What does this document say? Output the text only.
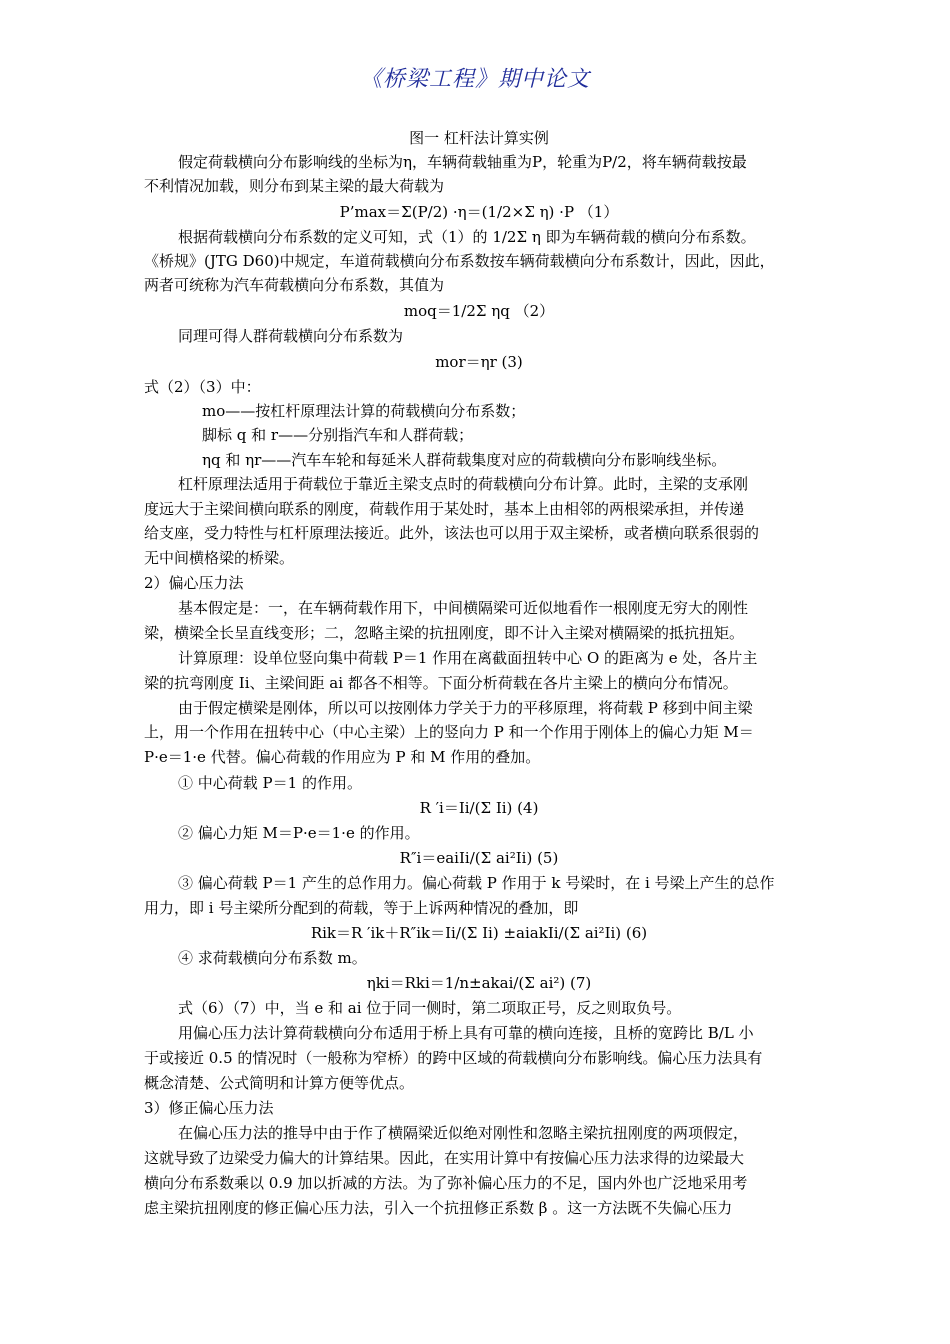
《桥梁工程》期中论文
图一 杠杆法计算实例
假定荷载横向分布影响线的坐标为η，车辆荷载轴重为P，轮重为P/2，将车辆荷载按最
不利情况加载，则分布到某主梁的最大荷载为
P’max＝Σ(P/2) ·η＝(1/2×Σ η) ·P （1）
根据荷载横向分布系数的定义可知，式（1）的 1/2Σ η 即为车辆荷载的横向分布系数。
《桥规》(JTG D60)中规定，车道荷载横向分布系数按车辆荷载横向分布系数计，因此，因此，
两者可统称为汽车荷载横向分布系数，其值为
moq＝1/2Σ ηq （2）
同理可得人群荷载横向分布系数为
mor＝ηr (3)
式（2）（3）中：
mo——按杠杆原理法计算的荷载横向分布系数；
脚标 q 和 r——分别指汽车和人群荷载；
ηq 和 ηr——汽车车轮和每延米人群荷载集度对应的荷载横向分布影响线坐标。
杠杆原理法适用于荷载位于靠近主梁支点时的荷载横向分布计算。此时，主梁的支承刚
度远大于主梁间横向联系的刚度，荷载作用于某处时，基本上由相邻的两根梁承担，并传递
给支座，受力特性与杠杆原理法接近。此外，该法也可以用于双主梁桥，或者横向联系很弱的
无中间横格梁的桥梁。
2）偏心压力法
基本假定是：一，在车辆荷载作用下，中间横隔梁可近似地看作一根刚度无穷大的刚性
梁，横梁全长呈直线变形；二，忽略主梁的抗扭刚度，即不计入主梁对横隔梁的抵抗扭矩。
计算原理：设单位竖向集中荷载 P＝1 作用在离截面扭转中心 O 的距离为 e 处，各片主
梁的抗弯刚度 Ii、主梁间距 ai 都各不相等。下面分析荷载在各片主梁上的横向分布情况。
由于假定横梁是刚体，所以可以按刚体力学关于力的平移原理，将荷载 P 移到中间主梁
上，用一个作用在扭转中心（中心主梁）上的竖向力 P 和一个作用于刚体上的偏心力矩 M＝
P·e＝1·e 代替。偏心荷载的作用应为 P 和 M 作用的叠加。
① 中心荷载 P＝1 的作用。
R ′i＝Ii/(Σ Ii) (4)
② 偏心力矩 M＝P·e＝1·e 的作用。
R″i＝eaiIi/(Σ ai²Ii) (5)
③ 偏心荷载 P＝1 产生的总作用力。偏心荷载 P 作用于 k 号梁时，在 i 号梁上产生的总作
用力，即 i 号主梁所分配到的荷载，等于上诉两种情况的叠加，即
Rik＝R ′ik＋R″ik＝Ii/(Σ Ii) ±aiakIi/(Σ ai²Ii) (6)
④ 求荷载横向分布系数 m。
ηki＝Rki＝1/n±akai/(Σ ai²) (7)
式（6）（7）中，当 e 和 ai 位于同一侧时，第二项取正号，反之则取负号。
用偏心压力法计算荷载横向分布适用于桥上具有可靠的横向连接，且桥的宽跨比 B/L 小
于或接近 0.5 的情况时（一般称为窄桥）的跨中区域的荷载横向分布影响线。偏心压力法具有
概念清楚、公式简明和计算方便等优点。
3）修正偏心压力法
在偏心压力法的推导中由于作了横隔梁近似绝对刚性和忽略主梁抗扭刚度的两项假定，
这就导致了边梁受力偏大的计算结果。因此，在实用计算中有按偏心压力法求得的边梁最大
横向分布系数乘以 0.9 加以折减的方法。为了弥补偏心压力的不足，国内外也广泛地采用考
虑主梁抗扭刚度的修正偏心压力法，引入一个抗扭修正系数 β 。这一方法既不失偏心压力
